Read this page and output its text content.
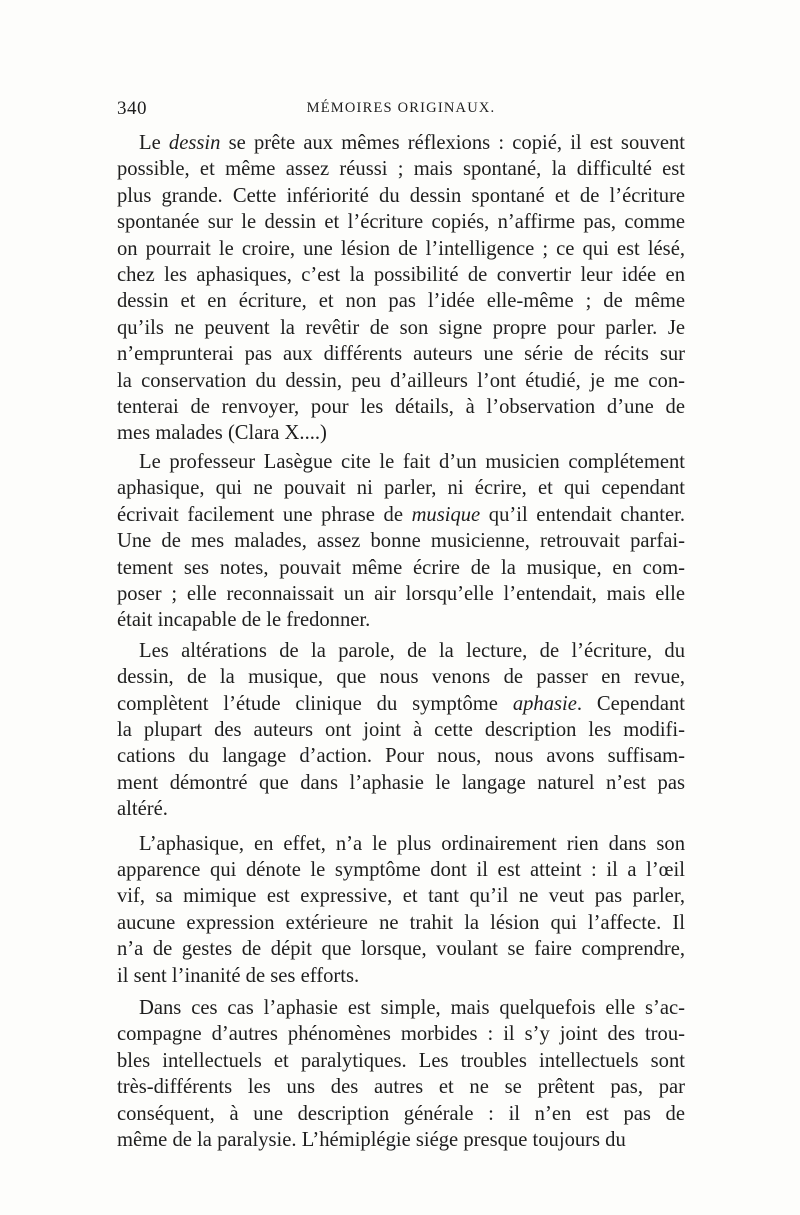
340	MÉMOIRES ORIGINAUX.

Le dessin se prête aux mêmes réflexions : copié, il est souvent
possible, et même assez réussi ; mais spontané, la difficulté est
plus grande. Cette infériorité du dessin spontané et de l’écriture
spontanée sur le dessin et l’écriture copiés, n’affirme pas, comme
on pourrait le croire, une lésion de l’intelligence ; ce qui est lésé,
chez les aphasiques, c’est la possibilité de convertir leur idée en
dessin et en écriture, et non pas l’idée elle-même ; de même
qu’ils ne peuvent la revêtir de son signe propre pour parler. Je
n’emprunterai pas aux différents auteurs une série de récits sur
la conservation du dessin, peu d’ailleurs l’ont étudié, je me con-
tenterai de renvoyer, pour les détails, à l’observation d’une de
mes malades (Clara X....)

Le professeur Lasègue cite le fait d’un musicien complétement
aphasique, qui ne pouvait ni parler, ni écrire, et qui cependant
écrivait facilement une phrase de musique qu’il entendait chanter.
Une de mes malades, assez bonne musicienne, retrouvait parfai-
tement ses notes, pouvait même écrire de la musique, en com-
poser ; elle reconnaissait un air lorsqu’elle l’entendait, mais elle
était incapable de le fredonner.

Les altérations de la parole, de la lecture, de l’écriture, du
dessin, de la musique, que nous venons de passer en revue,
complètent l’étude clinique du symptôme aphasie. Cependant
la plupart des auteurs ont joint à cette description les modifi-
cations du langage d’action. Pour nous, nous avons suffisam-
ment démontré que dans l’aphasie le langage naturel n’est pas
altéré.

L’aphasique, en effet, n’a le plus ordinairement rien dans son
apparence qui dénote le symptôme dont il est atteint : il a l’œil
vif, sa mimique est expressive, et tant qu’il ne veut pas parler,
aucune expression extérieure ne trahit la lésion qui l’affecte. Il
n’a de gestes de dépit que lorsque, voulant se faire comprendre,
il sent l’inanité de ses efforts.

Dans ces cas l’aphasie est simple, mais quelquefois elle s’ac-
compagne d’autres phénomènes morbides : il s’y joint des trou-
bles intellectuels et paralytiques. Les troubles intellectuels sont
très-différents les uns des autres et ne se prêtent pas, par
conséquent, à une description générale : il n’en est pas de
même de la paralysie. L’hémiplégie siége presque toujours du
